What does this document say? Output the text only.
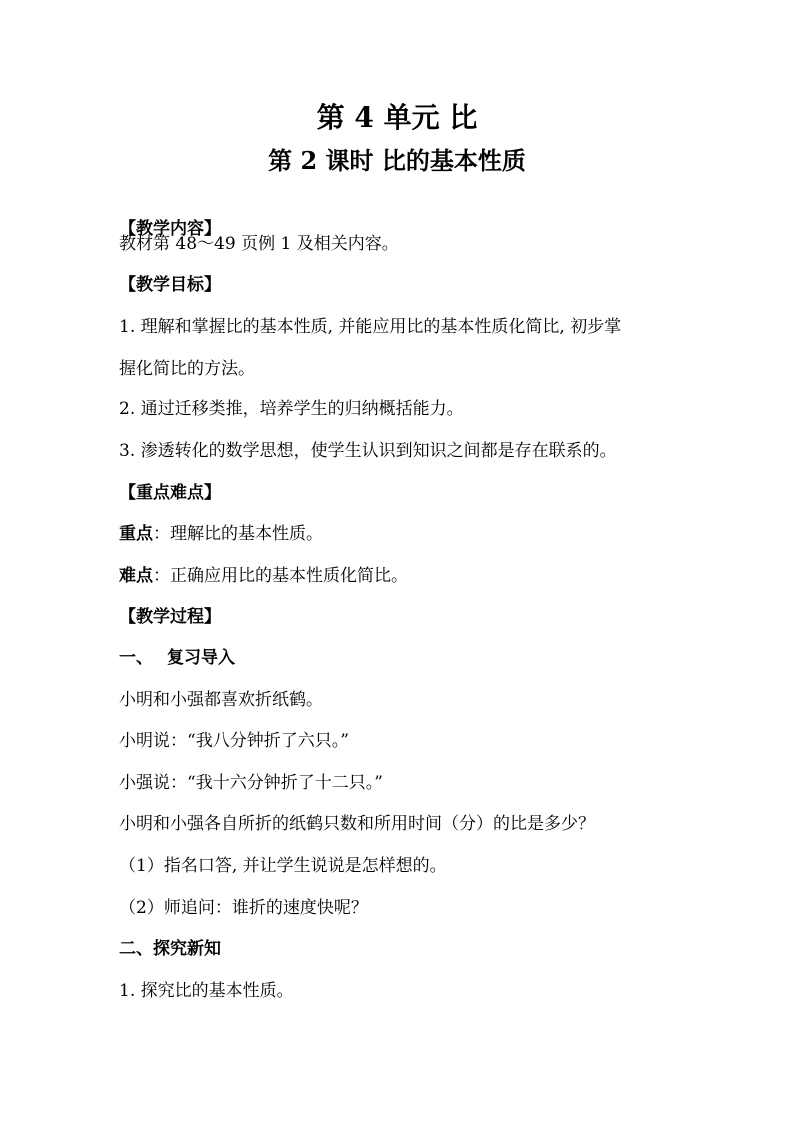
第 4 单元 比
第 2 课时 比的基本性质
【教学内容】
教材第 48～49 页例 1 及相关内容。
【教学目标】
1. 理解和掌握比的基本性质, 并能应用比的基本性质化简比, 初步掌
握化简比的方法。
2. 通过迁移类推，培养学生的归纳概括能力。
3. 渗透转化的数学思想，使学生认识到知识之间都是存在联系的。
【重点难点】
重点：理解比的基本性质。
难点：正确应用比的基本性质化简比。
【教学过程】
一、 复习导入
小明和小强都喜欢折纸鹤。
小明说：“我八分钟折了六只。”
小强说：“我十六分钟折了十二只。”
小明和小强各自所折的纸鹤只数和所用时间（分）的比是多少？
（1）指名口答, 并让学生说说是怎样想的。
（2）师追问：谁折的速度快呢？
二、探究新知
1. 探究比的基本性质。
